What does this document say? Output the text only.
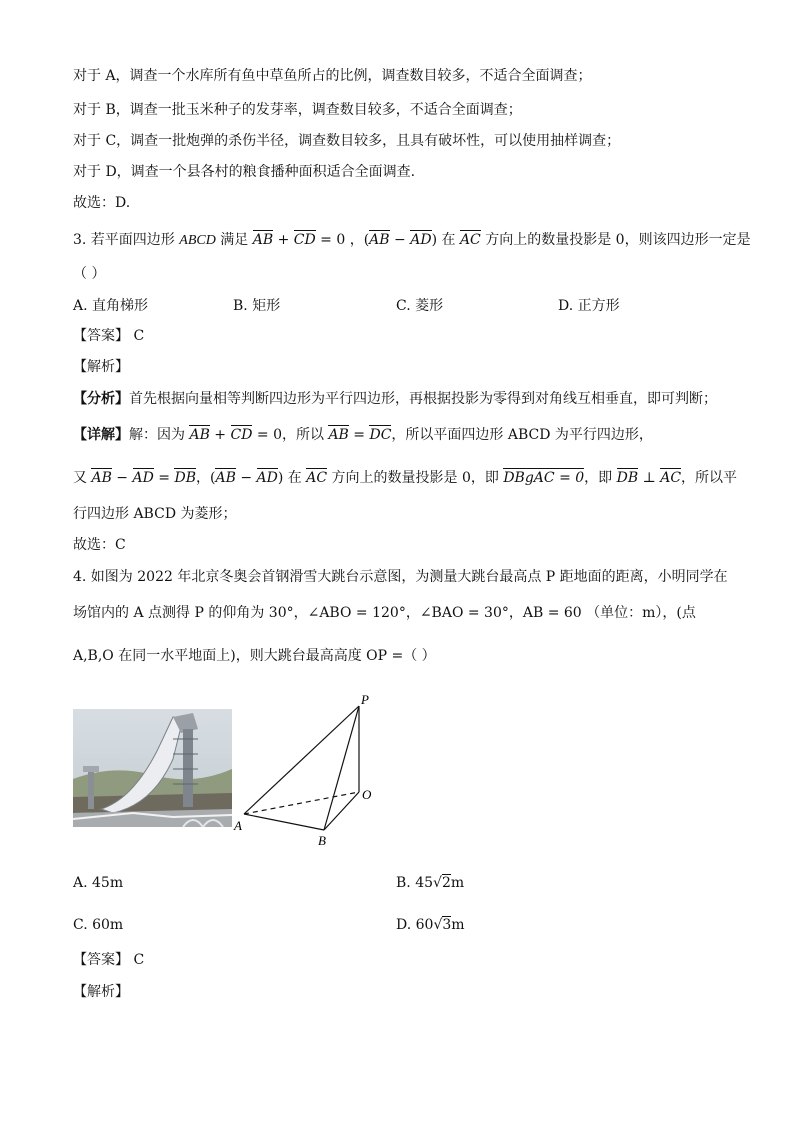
对于 A，调查一个水库所有鱼中草鱼所占的比例，调查数目较多，不适合全面调查；
对于 B，调查一批玉米种子的发芽率，调查数目较多，不适合全面调查；
对于 C，调查一批炮弹的杀伤半径，调查数目较多，且具有破坏性，可以使用抽样调查；
对于 D，调查一个县各村的粮食播种面积适合全面调查.
故选：D.
3. 若平面四边形 ABCD 满足 AB + CD = 0 ，(AB − AD) 在 AC 方向上的数量投影是 0，则该四边形一定是
（ ）
A. 直角梯形	B. 矩形	C. 菱形	D. 正方形
【答案】 C
【解析】
【分析】首先根据向量相等判断四边形为平行四边形，再根据投影为零得到对角线互相垂直，即可判断；
【详解】解：因为 AB + CD = 0，所以 AB = DC，所以平面四边形 ABCD 为平行四边形，
又 AB − AD = DB，(AB − AD) 在 AC 方向上的数量投影是 0，即 DBgAC = 0，即 DB ⊥ AC，所以平
行四边形 ABCD 为菱形；
故选：C
4. 如图为 2022 年北京冬奥会首钢滑雪大跳台示意图，为测量大跳台最高点 P 距地面的距离，小明同学在
场馆内的 A 点测得 P 的仰角为 30°，∠ABO = 120°，∠BAO = 30°，AB = 60 （单位：m），(点
A,B,O 在同一水平地面上)，则大跳台最高高度 OP =（ ）
P
O
A
B
A. 45m	B. 45√2m
C. 60m	D. 60√3m
【答案】 C
【解析】
